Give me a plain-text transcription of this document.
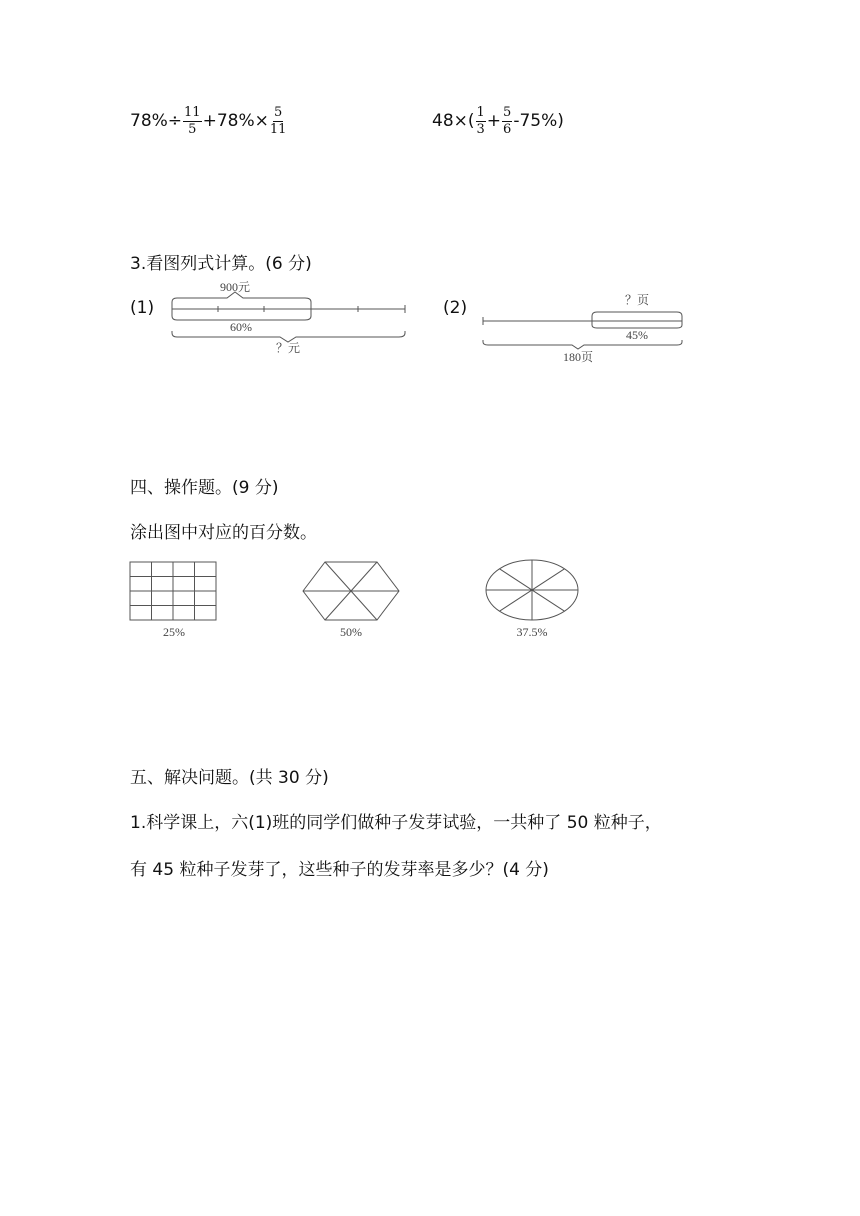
$78\%\div \frac{11}{5} +78\%\times \frac{5}{11}$	$48\times( \frac{1}{3} + \frac{5}{6} -75\%)$
3.看图列式计算。(6 分)
(1)	(2)
900元
60%
？元
？页
45%
180页
四、操作题。(9 分)
涂出图中对应的百分数。
25%	50%	37.5%
五、解决问题。(共 30 分)
1.科学课上，六(1)班的同学们做种子发芽试验，一共种了 50 粒种子，
有 45 粒种子发芽了，这些种子的发芽率是多少？(4 分)
